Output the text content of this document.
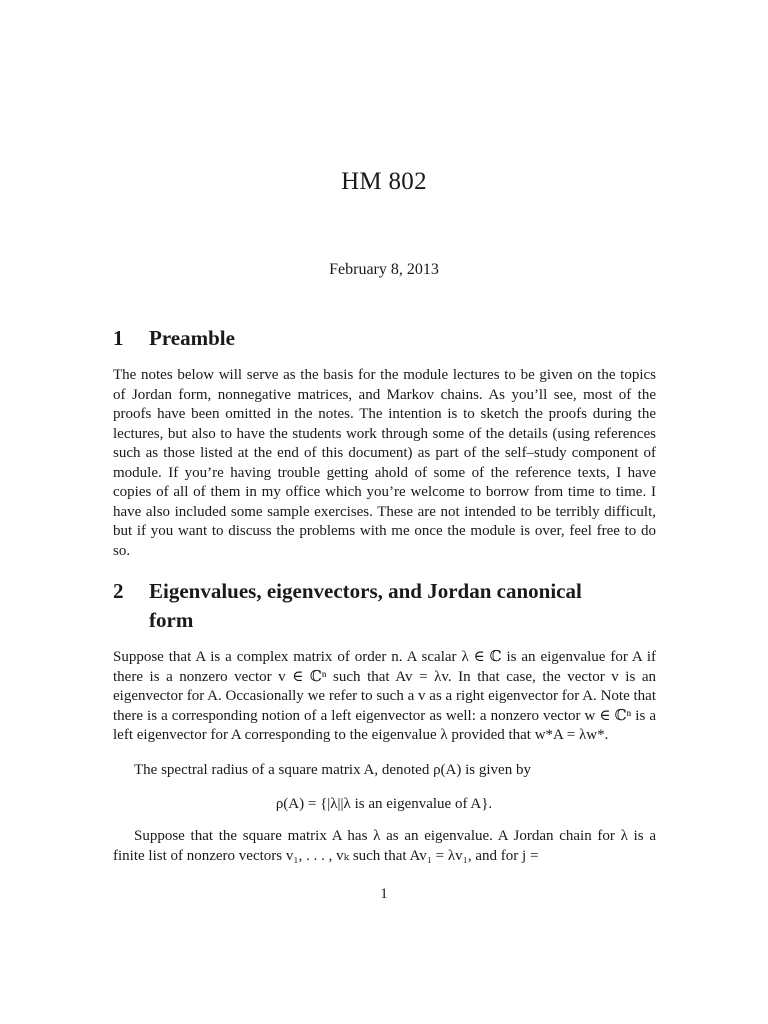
HM 802
February 8, 2013
1 Preamble

The notes below will serve as the basis for the module lectures to be given on the topics of Jordan form, nonnegative matrices, and Markov chains. As you’ll see, most of the proofs have been omitted in the notes. The intention is to sketch the proofs during the lectures, but also to have the students work through some of the details (using references such as those listed at the end of this document) as part of the self–study component of module. If you’re having trouble getting ahold of some of the reference texts, I have copies of all of them in my office which you’re welcome to borrow from time to time. I have also included some sample exercises. These are not intended to be terribly difficult, but if you want to discuss the problems with me once the module is over, feel free to do so.

2 Eigenvalues, eigenvectors, and Jordan canonical
form

Suppose that A is a complex matrix of order n. A scalar λ ∈ ℂ is an eigenvalue for A if there is a nonzero vector v ∈ ℂⁿ such that Av = λv. In that case, the vector v is an eigenvector for A. Occasionally we refer to such a v as a right eigenvector for A. Note that there is a corresponding notion of a left eigenvector as well: a nonzero vector w ∈ ℂⁿ is a left eigenvector for A corresponding to the eigenvalue λ provided that w*A = λw*.

The spectral radius of a square matrix A, denoted ρ(A) is given by

ρ(A) = {|λ||λ is an eigenvalue of A}.

Suppose that the square matrix A has λ as an eigenvalue. A Jordan chain for λ is a finite list of nonzero vectors v₁, . . . , vₖ such that Av₁ = λv₁, and for j =

1
